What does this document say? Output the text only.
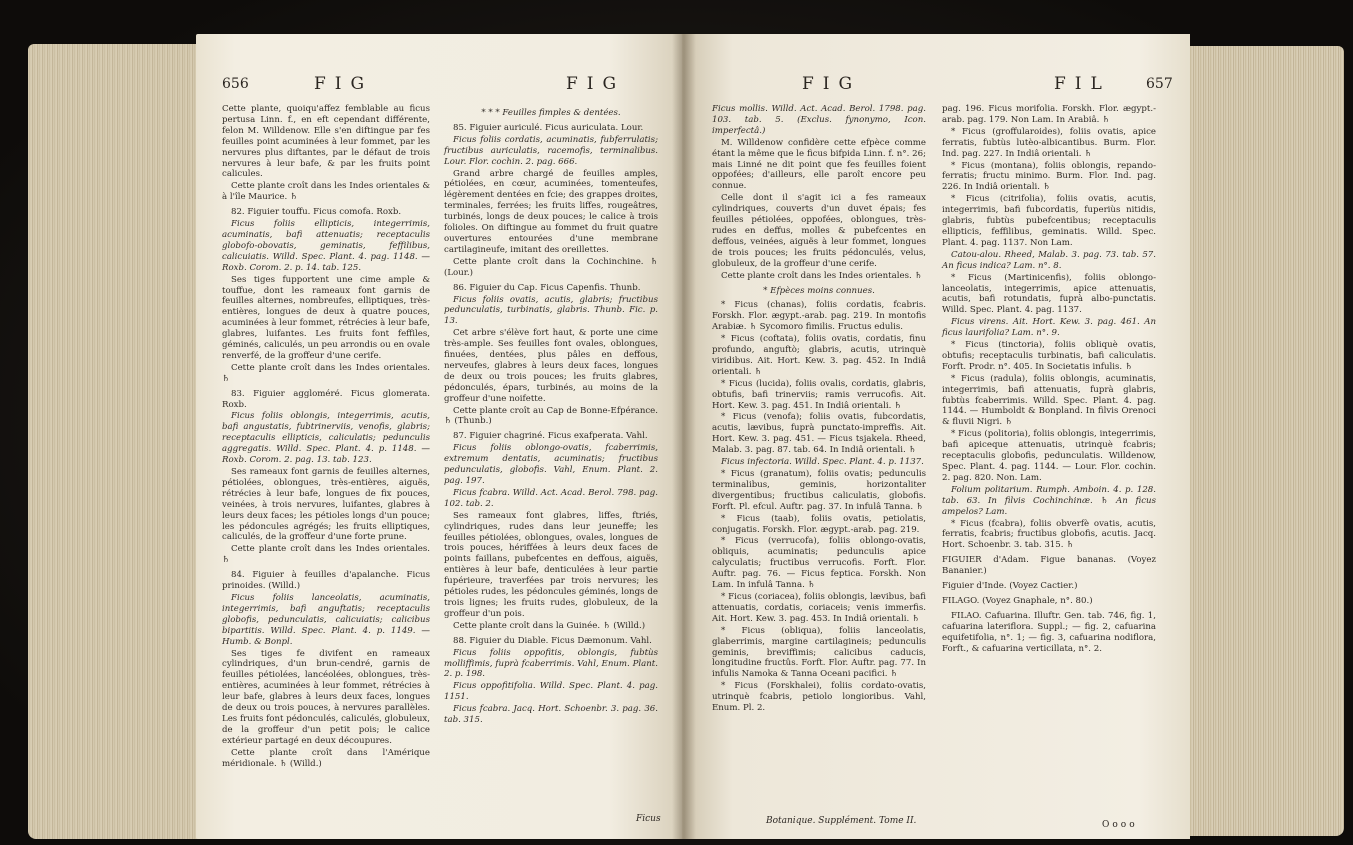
656	FIG	FIG

Cette plante, quoiqu'affez femblable au ficus pertusa Linn. f., en eft cependant différente, felon M. Willdenow. Elle s'en diftingue par fes feuilles point acuminées à leur fommet, par les nervures plus diftantes, par le défaut de trois nervures à leur bafe, & par les fruits point calicules.

Cette plante croît dans les Indes orientales & à l'île Maurice. ♄

82. Figuier touffu. Ficus comofa. Roxb.

Ficus foliis ellipticis, integerrimis, acuminatis, bafi attenuatis; receptaculis globofo-obovatis, geminatis, feffilibus, calicuiatis. Willd. Spec. Plant. 4. pag. 1148. — Roxb. Corom. 2. p. 14. tab. 125.

Ses tiges fupportent une cime ample & touffue, dont les rameaux font garnis de feuilles alternes, nombreufes, elliptiques, très-entières, longues de deux à quatre pouces, acuminées à leur fommet, rétrécies à leur bafe, glabres, luifantes. Les fruits font feffiles, géminés, caliculés, un peu arrondis ou en ovale renverfé, de la groffeur d'une cerife.

Cette plante croît dans les Indes orientales. ♄

83. Figuier aggloméré. Ficus glomerata. Roxb.

Ficus foliis oblongis, integerrimis, acutis, bafi angustatis, fubtrinerviis, venofis, glabris; receptaculis ellipticis, caliculatis; pedunculis aggregatis. Willd. Spec. Plant. 4. p. 1148. — Roxb. Corom. 2. pag. 13. tab. 123.

Ses rameaux font garnis de feuilles alternes, pétiolées, oblongues, très-entières, aiguës, rétrécies à leur bafe, longues de fix pouces, veinées, à trois nervures, luifantes, glabres à leurs deux faces; les pétioles longs d'un pouce; les pédoncules agrégés; les fruits elliptiques, caliculés, de la groffeur d'une forte prune.

Cette plante croît dans les Indes orientales. ♄

84. Figuier à feuilles d'apalanche. Ficus prinoides. (Willd.)

Ficus foliis lanceolatis, acuminatis, integerrimis, bafi anguftatis; receptaculis globofis, pedunculatis, calicuiatis; calicibus bipartitis. Willd. Spec. Plant. 4. p. 1149. — Humb. & Bonpl.

Ses tiges fe divifent en rameaux cylindriques, d'un brun-cendré, garnis de feuilles pétiolées, lancéolées, oblongues, très-entières, acuminées à leur fommet, rétrécies à leur bafe, glabres à leurs deux faces, longues de deux ou trois pouces, à nervures parallèles. Les fruits font pédonculés, caliculés, globuleux, de la groffeur d'un petit pois; le calice extérieur partagé en deux découpures.

Cette plante croît dans l'Amérique méridionale. ♄ (Willd.)

* * * Feuilles fimples & dentées.

85. Figuier auriculé. Ficus auriculata. Lour.

Ficus foliis cordatis, acuminatis, fubferrulatis; fructibus auriculatis, racemofis, terminalibus. Lour. Flor. cochin. 2. pag. 666.

Grand arbre chargé de feuilles amples, pétiolées, en cœur, acuminées, tomenteufes, légèrement dentées en fcie; des grappes droites, terminales, ferrées; les fruits liffes, rougeâtres, turbinés, longs de deux pouces; le calice à trois folioles. On diftingue au fommet du fruit quatre ouvertures entourées d'une membrane cartilagineufe, imitant des oreillettes.

Cette plante croît dans la Cochinchine. ♄ (Lour.)

86. Figuier du Cap. Ficus Capenfis. Thunb.

Ficus foliis ovatis, acutis, glabris; fructibus pedunculatis, turbinatis, glabris. Thunb. Fic. p. 13.

Cet arbre s'élève fort haut, & porte une cime très-ample. Ses feuilles font ovales, oblongues, finuées, dentées, plus pâles en deffous, nerveufes, glabres à leurs deux faces, longues de deux ou trois pouces; les fruits glabres, pédonculés, épars, turbinés, au moins de la groffeur d'une noifette.

Cette plante croît au Cap de Bonne-Efpérance. ♄ (Thunb.)

87. Figuier chagriné. Ficus exafperata. Vahl.

Ficus foliis oblongo-ovatis, fcaberrimis, extremum dentatis, acuminatis; fructibus pedunculatis, globofis. Vahl, Enum. Plant. 2. pag. 197.

Ficus fcabra. Willd. Act. Acad. Berol. 798. pag. 102. tab. 2.

Ses rameaux font glabres, liffes, ftriés, cylindriques, rudes dans leur jeuneffe; les feuilles pétiolées, oblongues, ovales, longues de trois pouces, hériffées à leurs deux faces de points faillans, pubefcentes en deffous, aiguës, entières à leur bafe, denticulées à leur partie fupérieure, traverfées par trois nervures; les pétioles rudes, les pédoncules géminés, longs de trois lignes; les fruits rudes, globuleux, de la groffeur d'un pois.

Cette plante croît dans la Guinée. ♄ (Willd.)

88. Figuier du Diable. Ficus Dæmonum. Vahl.

Ficus foliis oppofitis, oblongis, fubtùs molliffimis, fuprà fcaberrimis. Vahl, Enum. Plant. 2. p. 198.

Ficus oppofitifolia. Willd. Spec. Plant. 4. pag. 1151.

Ficus fcabra. Jacq. Hort. Schoenbr. 3. pag. 36. tab. 315.

Ficus
FIG	FIL	657

Ficus mollis. Willd. Act. Acad. Berol. 1798. pag. 103. tab. 5. (Exclus. fynonymo, Icon. imperfectâ.)

M. Willdenow confidère cette efpèce comme étant la même que le ficus bifpida Linn. f. n°. 26; mais Linné ne dit point que fes feuilles foient oppofées; d'ailleurs, elle paroît encore peu connue.

Celle dont il s'agit ici a fes rameaux cylindriques, couverts d'un duvet épais; fes feuilles pétiolées, oppofées, oblongues, très-rudes en deffus, molles & pubefcentes en deffous, veinées, aiguës à leur fommet, longues de trois pouces; les fruits pédonculés, velus, globuleux, de la groffeur d'une cerife.

Cette plante croît dans les Indes orientales. ♄

* Efpèces moins connues.

* Ficus (chanas), foliis cordatis, fcabris. Forskh. Flor. ægypt.-arab. pag. 219. In montofis Arabiæ. ♄ Sycomoro fimilis. Fructus edulis.

* Ficus (coftata), foliis ovatis, cordatis, finu profundo, anguftò; glabris, acutis, utrinquè viridibus. Ait. Hort. Kew. 3. pag. 452. In Indiâ orientali. ♄

* Ficus (lucida), foliis ovalis, cordatis, glabris, obtufis, bafi trinerviis; ramis verrucofis. Ait. Hort. Kew. 3. pag. 451. In Indiâ orientali. ♄

* Ficus (venofa); foliis ovatis, fubcordatis, acutis, lævibus, fuprà punctato-impreffis. Ait. Hort. Kew. 3. pag. 451. — Ficus tsjakela. Rheed, Malab. 3. pag. 87. tab. 64. In Indiâ orientali. ♄

Ficus infectoria. Willd. Spec. Plant. 4. p. 1137.

* Ficus (granatum), foliis ovatis; pedunculis terminalibus, geminis, horizontaliter divergentibus; fructibus caliculatis, globofis. Forft. Pl. efcul. Auftr. pag. 37. In infulâ Tanna. ♄

* Ficus (taab), foliis ovatis, petiolatis, conjugatis. Forskh. Flor. ægypt.-arab. pag. 219.

* Ficus (verrucofa), foliis oblongo-ovatis, obliquis, acuminatis; pedunculis apice calyculatis; fructibus verrucofis. Forft. Flor. Auftr. pag. 76. — Ficus feptica. Forskh. Non Lam. In infulâ Tanna. ♄

* Ficus (coriacea), foliis oblongis, lævibus, bafi attenuatis, cordatis, coriaceis; venis immerfis. Ait. Hort. Kew. 3. pag. 453. In Indiâ orientali. ♄

* Ficus (obliqua), foliis lanceolatis, glaberrimis, margine cartilagineis; pedunculis geminis, breviffimis; calicibus caducis, longitudine fructûs. Forft. Flor. Auftr. pag. 77. In infulis Namoka & Tanna Oceani pacifici. ♄

* Ficus (Forskhalei), foliis cordato-ovatis, utrinquè fcabris, petiolo longioribus. Vahl, Enum. Pl. 2.

Botanique. Supplément. Tome II.

pag. 196. Ficus morifolia. Forskh. Flor. ægypt.-arab. pag. 179. Non Lam. In Arabiâ. ♄

* Ficus (groffularoides), foliis ovatis, apice ferratis, fubtùs lutèo-albicantibus. Burm. Flor. Ind. pag. 227. In Indiâ orientali. ♄

* Ficus (montana), foliis oblongis, repando-ferratis; fructu minimo. Burm. Flor. Ind. pag. 226. In Indiâ orientali. ♄

* Ficus (citrifolia), foliis ovatis, acutis, integerrimis, bafi fubcordatis, fuperiùs nitidis, glabris, fubtùs pubefcentibus; receptaculis ellipticis, feffilibus, geminatis. Willd. Spec. Plant. 4. pag. 1137. Non Lam.

Catou-alou. Rheed, Malab. 3. pag. 73. tab. 57. An ficus indica? Lam. n°. 8.

* Ficus (Martinicenfis), foliis oblongo-lanceolatis, integerrimis, apice attenuatis, acutis, bafi rotundatis, fuprà albo-punctatis. Willd. Spec. Plant. 4. pag. 1137.

Ficus virens. Ait. Hort. Kew. 3. pag. 461. An ficus laurifolia? Lam. n°. 9.

* Ficus (tinctoria), foliis obliquè ovatis, obtufis; receptaculis turbinatis, bafi caliculatis. Forft. Prodr. n°. 405. In Societatis infulis. ♄

* Ficus (radula), foliis oblongis, acuminatis, integerrimis, bafi attenuatis, fuprà glabris, fubtùs fcaberrimis. Willd. Spec. Plant. 4. pag. 1144. — Humboldt & Bonpland. In filvis Orenoci & fluvii Nigri. ♄

* Ficus (politoria), foliis oblongis, integerrimis, bafi apiceque attenuatis, utrinquè fcabris; receptaculis globofis, pedunculatis. Willdenow, Spec. Plant. 4. pag. 1144. — Lour. Flor. cochin. 2. pag. 820. Non. Lam.

Folium politarium. Rumph. Amboin. 4. p. 128. tab. 63. In filvis Cochinchinæ. ♄ An ficus ampelos? Lam.

* Ficus (fcabra), foliis obverfè ovatis, acutis, ferratis, fcabris; fructibus globofis, acutis. Jacq. Hort. Schoenbr. 3. tab. 315. ♄

FIGUIER d'Adam. Figue bananas. (Voyez Bananier.)

Figuier d'Inde. (Voyez Cactier.)

FILAGO. (Voyez Gnaphale, n°. 80.)

FILAO. Cafuarina. Illuftr. Gen. tab. 746, fig. 1, cafuarina lateriflora. Suppl.; — fig. 2, cafuarina equifetifolia, n°. 1; — fig. 3, cafuarina nodiflora, Forft., & cafuarina verticillata, n°. 2.

Oooo
